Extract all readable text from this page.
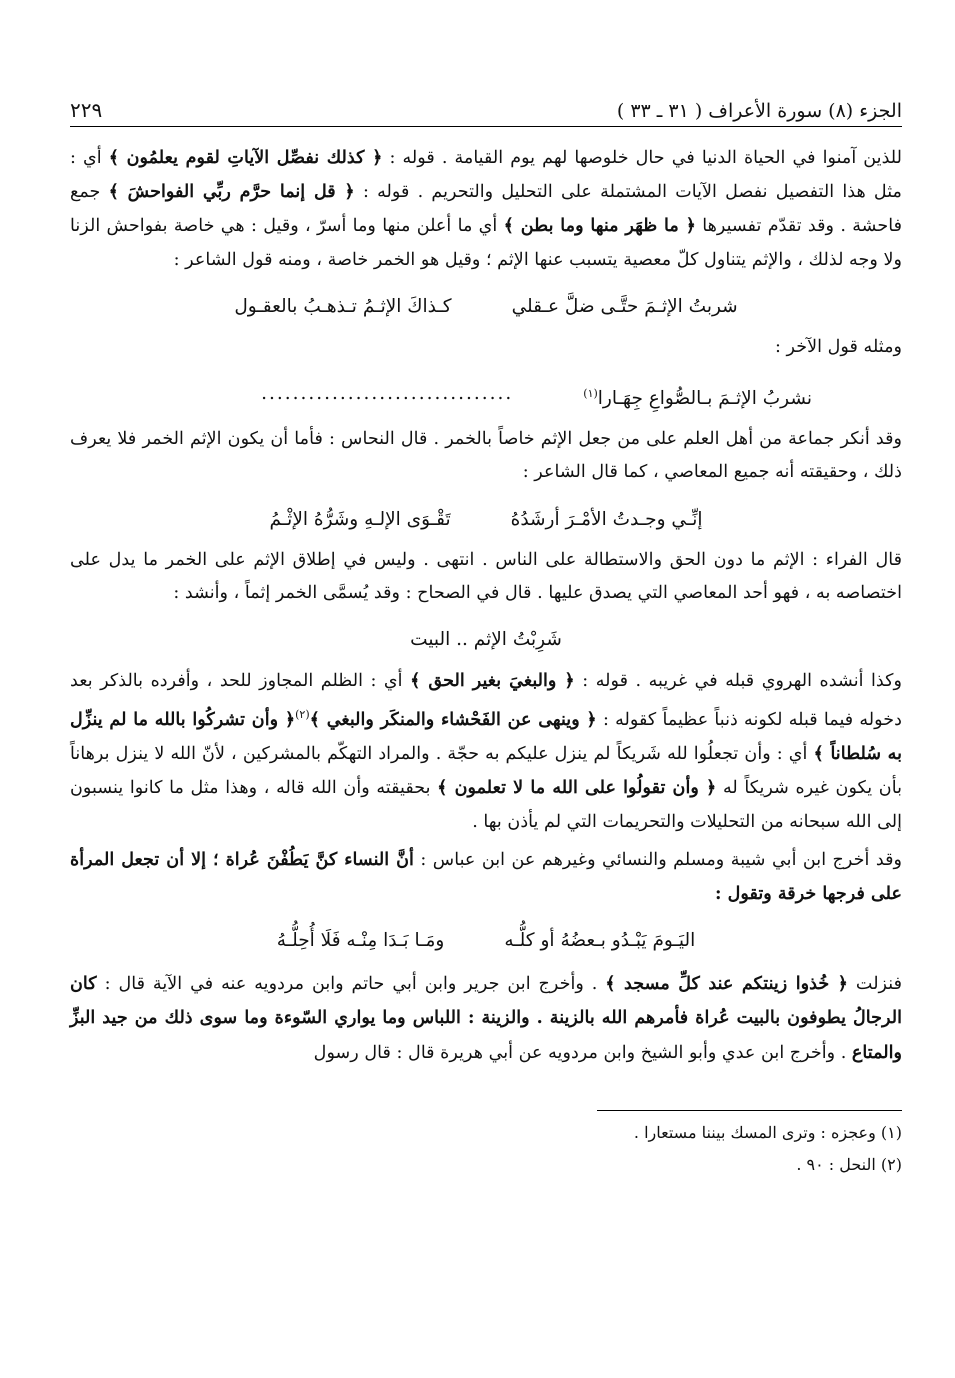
الجزء (٨) سورة الأعراف ( ٣١ ـ ٣٣ )
٢٢٩

للذين آمنوا في الحياة الدنيا في حال خلوصها لهم يوم القيامة . قوله : ﴿ كذلك نفصِّل الآياتِ لقوم يعلمُون ﴾ أي : مثل هذا التفصيل نفصل الآيات المشتملة على التحليل والتحريم . قوله : ﴿ قل إنما حرَّم ربِّي الفواحشَ ﴾ جمع فاحشة . وقد تقدّم تفسيرها ﴿ ما ظهَر منها وما بطن ﴾ أي ما أعلن منها وما أسرّ ، وقيل : هي خاصة بفواحش الزنا ولا وجه لذلك ، والإثم يتناول كلّ معصية يتسبب عنها الإثم ؛ وقيل هو الخمر خاصة ، ومنه قول الشاعر :

شربتُ الإثـمَ حتَّـى ضلَّ عـقلي
كـذاكَ الإثـمُ تـذهـبُ بالعقـول

ومثله قول الآخر :

نشربُ الإثـمَ بـالصُّواعِ جِهَـارا$^{(١)}$
................................

وقد أنكر جماعة من أهل العلم على من جعل الإثم خاصاً بالخمر . قال النحاس : فأما أن يكون الإثم الخمر فلا يعرف ذلك ، وحقيقته أنه جميع المعاصي ، كما قال الشاعر :

إنِّـي وجـدتُ الأمْـرَ أرشَدُهُ
تَقْـوَى الإلـهِ وشَرُّهُ الإثْـمُ

قال الفراء : الإثم ما دون الحق والاستطالة على الناس . انتهى . وليس في إطلاق الإثم على الخمر ما يدل على اختصاصه به ، فهو أحد المعاصي التي يصدق عليها . قال في الصحاح : وقد يُسمَّى الخمر إثماً ، وأنشد :

شَرِبْتُ الإثم .. البيت

وكذا أنشده الهروي قبله في غريبه . قوله : ﴿ والبغيَ بغير الحق ﴾ أي : الظلم المجاوز للحد ، وأفرده بالذكر بعد دخوله فيما قبله لكونه ذنباً عظيماً كقوله : ﴿ وينهى عن الفَحْشاء والمنكَر والبغي ﴾$^{(٢)}$﴿ وأن تشركُوا بالله ما لم ينزِّل به سُلطاناً ﴾ أي : وأن تجعلُوا لله شَريكاً لم ينزل عليكم به حجّة . والمراد التهكّم بالمشركين ، لأنّ الله لا ينزل برهاناً بأن يكون غيره شريكاً له ﴿ وأن تقولُوا على الله ما لا تعلمون ﴾ بحقيقته وأن الله قاله ، وهذا مثل ما كانوا ينسبون إلى الله سبحانه من التحليلات والتحريمات التي لم يأذن بها .

وقد أخرج ابن أبي شيبة ومسلم والنسائي وغيرهم عن ابن عباس : أنَّ النساء كنَّ يَطُفْنَ عُراة ؛ إلا أن تجعل المرأة على فرجها خرقة وتقول :

اليَـومَ يَبْـدُو بـعضُهُ أو كلُّـه
ومَـا بَـدَا مِنْـه فَلَا أُحِلُّـهُ

فنزلت ﴿ خُذوا زينتكم عند كلِّ مسجد ﴾ . وأخرج ابن جرير وابن أبي حاتم وابن مردويه عنه في الآية قال : كان الرجالُ يطوفون بالبيت عُراة فأمرهم الله بالزينة . والزينة : اللباس وما يواري السّوءة وما سوى ذلك من جيد البزِّ والمتاع . وأخرج ابن عدي وأبو الشيخ وابن مردويه عن أبي هريرة قال : قال رسول

(١) وعجزه : وترى المسك بيننا مستعارا .
(٢) النحل : ٩٠ .
